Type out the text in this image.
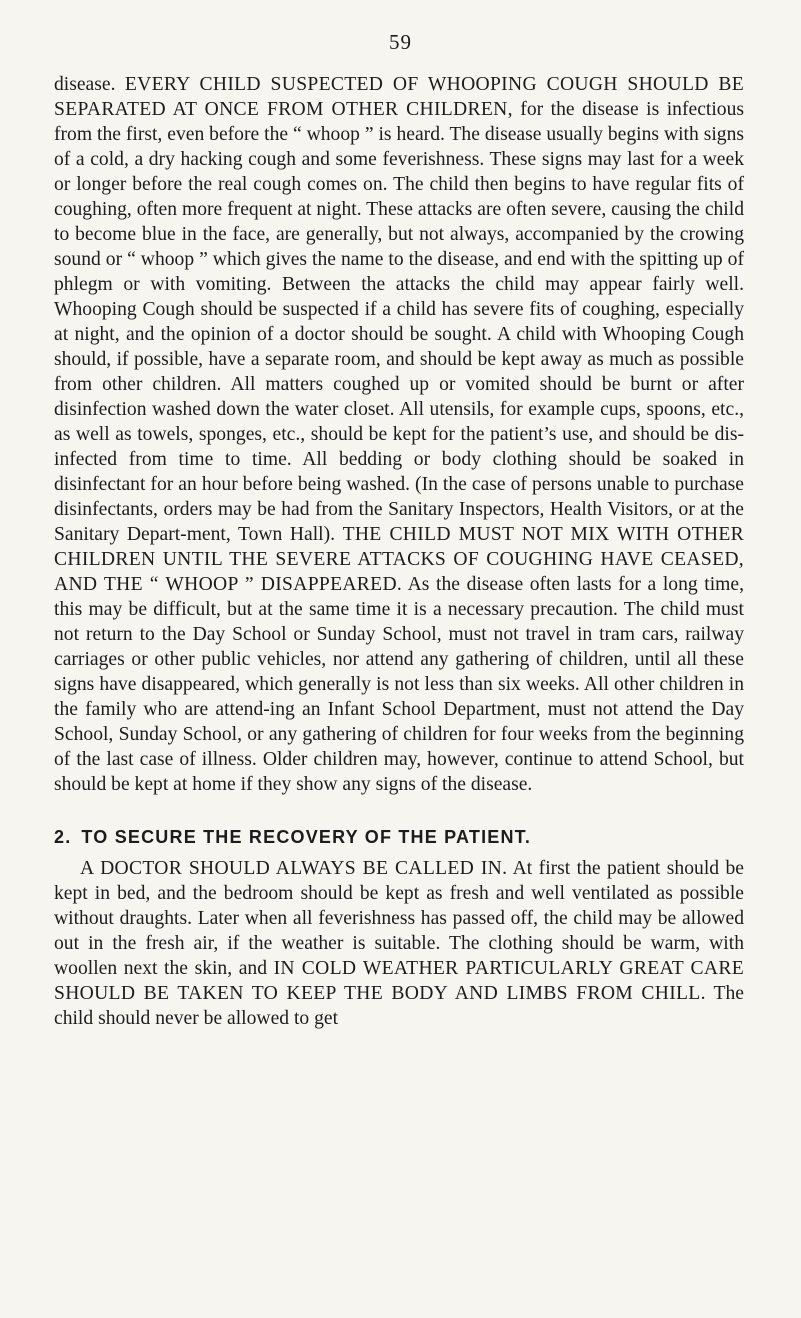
59

disease. EVERY CHILD SUSPECTED OF WHOOPING COUGH SHOULD BE SEPARATED AT ONCE FROM OTHER CHILDREN, for the disease is infectious from the first, even before the “ whoop ” is heard. The disease usually begins with signs of a cold, a dry hacking cough and some feverishness. These signs may last for a week or longer before the real cough comes on. The child then begins to have regular fits of coughing, often more frequent at night. These attacks are often severe, causing the child to become blue in the face, are generally, but not always, accompanied by the crowing sound or “ whoop ” which gives the name to the disease, and end with the spitting up of phlegm or with vomiting. Between the attacks the child may appear fairly well. Whooping Cough should be suspected if a child has severe fits of coughing, especially at night, and the opinion of a doctor should be sought. A child with Whooping Cough should, if possible, have a separate room, and should be kept away as much as possible from other children. All matters coughed up or vomited should be burnt or after disinfection washed down the water closet. All utensils, for example cups, spoons, etc., as well as towels, sponges, etc., should be kept for the patient’s use, and should be dis-infected from time to time. All bedding or body clothing should be soaked in disinfectant for an hour before being washed. (In the case of persons unable to purchase disinfectants, orders may be had from the Sanitary Inspectors, Health Visitors, or at the Sanitary Depart-ment, Town Hall). THE CHILD MUST NOT MIX WITH OTHER CHILDREN UNTIL THE SEVERE ATTACKS OF COUGHING HAVE CEASED, AND THE “ WHOOP ” DISAPPEARED. As the disease often lasts for a long time, this may be difficult, but at the same time it is a necessary precaution. The child must not return to the Day School or Sunday School, must not travel in tram cars, railway carriages or other public vehicles, nor attend any gathering of children, until all these signs have disappeared, which generally is not less than six weeks. All other children in the family who are attend-ing an Infant School Department, must not attend the Day School, Sunday School, or any gathering of children for four weeks from the beginning of the last case of illness. Older children may, however, continue to attend School, but should be kept at home if they show any signs of the disease.

2. TO SECURE THE RECOVERY OF THE PATIENT.

A DOCTOR SHOULD ALWAYS BE CALLED IN. At first the patient should be kept in bed, and the bedroom should be kept as fresh and well ventilated as possible without draughts. Later when all feverishness has passed off, the child may be allowed out in the fresh air, if the weather is suitable. The clothing should be warm, with woollen next the skin, and IN COLD WEATHER PARTICULARLY GREAT CARE SHOULD BE TAKEN TO KEEP THE BODY AND LIMBS FROM CHILL. The child should never be allowed to get
